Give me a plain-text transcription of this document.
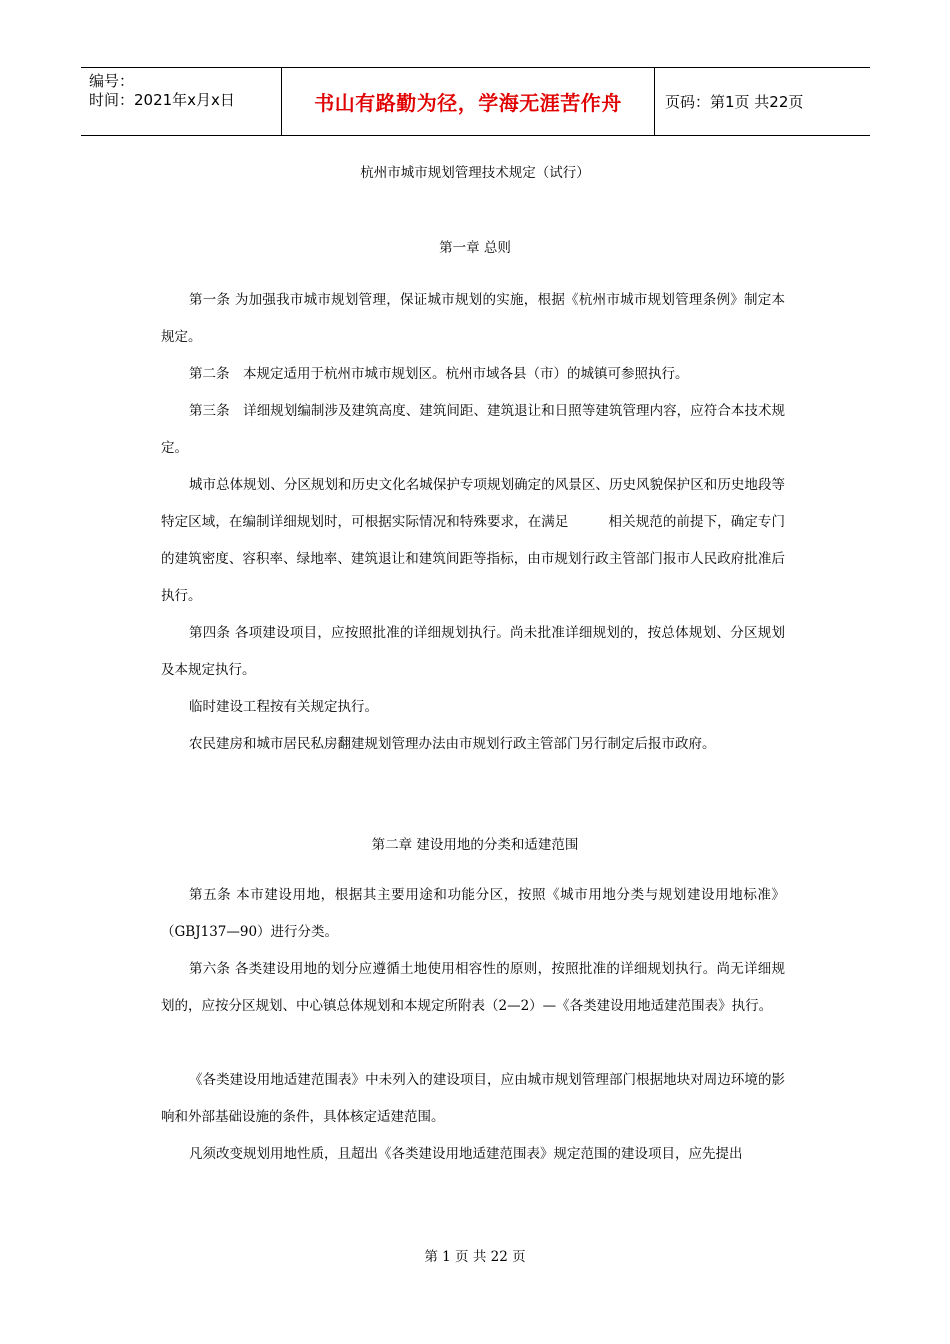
编号：
时间：2021年x月x日	书山有路勤为径，学海无涯苦作舟	页码：第1页 共22页
杭州市城市规划管理技术规定（试行）
第一章 总则
第一条 为加强我市城市规划管理，保证城市规划的实施，根据《杭州市城市规划管理条例》制定本规定。
第二条　本规定适用于杭州市城市规划区。杭州市域各县（市）的城镇可参照执行。
第三条　详细规划编制涉及建筑高度、建筑间距、建筑退让和日照等建筑管理内容，应符合本技术规定。
城市总体规划、分区规划和历史文化名城保护专项规划确定的风景区、历史风貌保护区和历史地段等特定区域，在编制详细规划时，可根据实际情况和特殊要求，在满足	相关规范的前提下，确定专门的建筑密度、容积率、绿地率、建筑退让和建筑间距等指标，由市规划行政主管部门报市人民政府批准后执行。
第四条 各项建设项目，应按照批准的详细规划执行。尚未批准详细规划的，按总体规划、分区规划及本规定执行。
临时建设工程按有关规定执行。
农民建房和城市居民私房翻建规划管理办法由市规划行政主管部门另行制定后报市政府。
第二章 建设用地的分类和适建范围
第五条 本市建设用地，根据其主要用途和功能分区，按照《城市用地分类与规划建设用地标准》（GBJ137—90）进行分类。
第六条 各类建设用地的划分应遵循土地使用相容性的原则，按照批准的详细规划执行。尚无详细规划的，应按分区规划、中心镇总体规划和本规定所附表（2—2）—《各类建设用地适建范围表》执行。
《各类建设用地适建范围表》中未列入的建设项目，应由城市规划管理部门根据地块对周边环境的影响和外部基础设施的条件，具体核定适建范围。
凡须改变规划用地性质，且超出《各类建设用地适建范围表》规定范围的建设项目，应先提出
第 1 页 共 22 页
